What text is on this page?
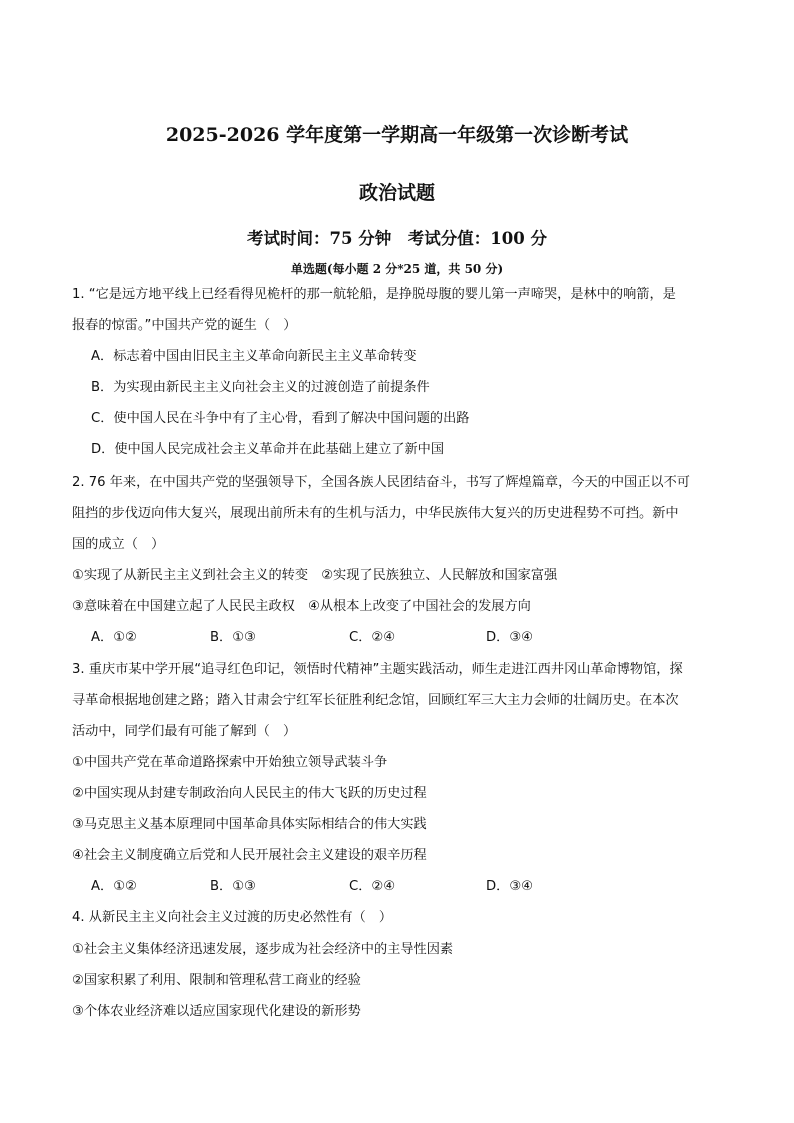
2025-2026 学年度第一学期高一年级第一次诊断考试
政治试题
考试时间：75 分钟　考试分值：100 分
单选题(每小题 2 分*25 道，共 50 分)
1. “它是远方地平线上已经看得见桅杆的那一航轮船，是挣脱母腹的婴儿第一声啼哭，是林中的响箭，是
报春的惊雷。”中国共产党的诞生（　）
A．标志着中国由旧民主主义革命向新民主主义革命转变
B．为实现由新民主主义向社会主义的过渡创造了前提条件
C．使中国人民在斗争中有了主心骨，看到了解决中国问题的出路
D．使中国人民完成社会主义革命并在此基础上建立了新中国
2. 76 年来，在中国共产党的坚强领导下，全国各族人民团结奋斗，书写了辉煌篇章，今天的中国正以不可
阻挡的步伐迈向伟大复兴，展现出前所未有的生机与活力，中华民族伟大复兴的历史进程势不可挡。新中
国的成立（　）
①实现了从新民主主义到社会主义的转变　②实现了民族独立、人民解放和国家富强
③意味着在中国建立起了人民民主政权　④从根本上改变了中国社会的发展方向
A．①②	B．①③	C．②④	D．③④
3. 重庆市某中学开展“追寻红色印记，领悟时代精神”主题实践活动，师生走进江西井冈山革命博物馆，探
寻革命根据地创建之路；踏入甘肃会宁红军长征胜利纪念馆，回顾红军三大主力会师的壮阔历史。在本次
活动中，同学们最有可能了解到（　）
①中国共产党在革命道路探索中开始独立领导武装斗争
②中国实现从封建专制政治向人民民主的伟大飞跃的历史过程
③马克思主义基本原理同中国革命具体实际相结合的伟大实践
④社会主义制度确立后党和人民开展社会主义建设的艰辛历程
A．①②	B．①③	C．②④	D．③④
4. 从新民主主义向社会主义过渡的历史必然性有（　）
①社会主义集体经济迅速发展，逐步成为社会经济中的主导性因素
②国家积累了利用、限制和管理私营工商业的经验
③个体农业经济难以适应国家现代化建设的新形势
